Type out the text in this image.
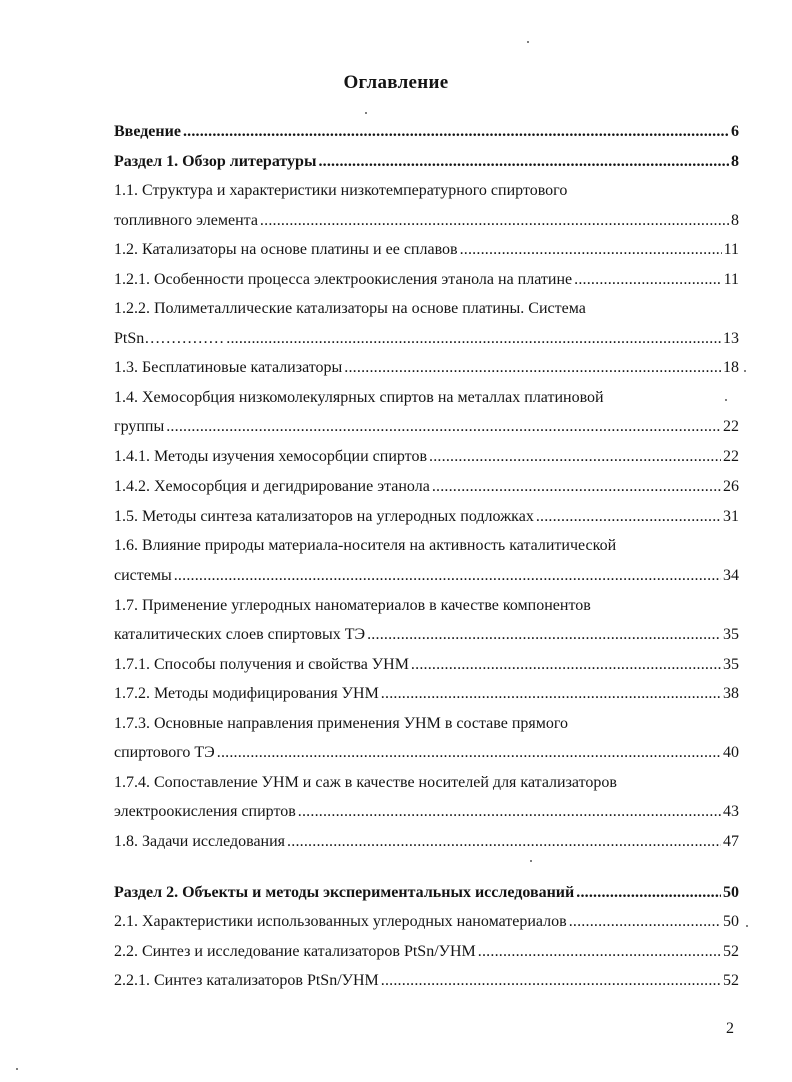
Оглавление
Введение .....	6
Раздел 1. Обзор литературы .....	8
1.1. Структура и характеристики низкотемпературного спиртового
топливного элемента .....	8
1.2. Катализаторы на основе платины и ее сплавов .....	11
1.2.1. Особенности процесса электроокисления этанола на платине .....	11
1.2.2. Полиметаллические катализаторы на основе платины. Система
PtSn…………… .....	13
1.3. Бесплатиновые катализаторы .....	18
1.4. Хемосорбция низкомолекулярных спиртов на металлах платиновой
группы .....	22
1.4.1. Методы изучения хемосорбции спиртов .....	22
1.4.2. Хемосорбция и дегидрирование этанола .....	26
1.5. Методы синтеза катализаторов на углеродных подложках .....	31
1.6. Влияние природы материала-носителя на активность каталитической
системы .....	34
1.7. Применение углеродных наноматериалов в качестве компонентов
каталитических слоев спиртовых ТЭ .....	35
1.7.1. Способы получения и свойства УНМ .....	35
1.7.2. Методы модифицирования УНМ .....	38
1.7.3. Основные направления применения УНМ в составе прямого
спиртового ТЭ .....	40
1.7.4. Сопоставление УНМ и саж в качестве носителей для катализаторов
электроокисления спиртов .....	43
1.8. Задачи исследования .....	47
Раздел 2. Объекты и методы экспериментальных исследований .....	50
2.1. Характеристики использованных углеродных наноматериалов .....	50
2.2. Синтез и исследование катализаторов PtSn/УНМ .....	52
2.2.1. Синтез катализаторов PtSn/УНМ .....	52
2
